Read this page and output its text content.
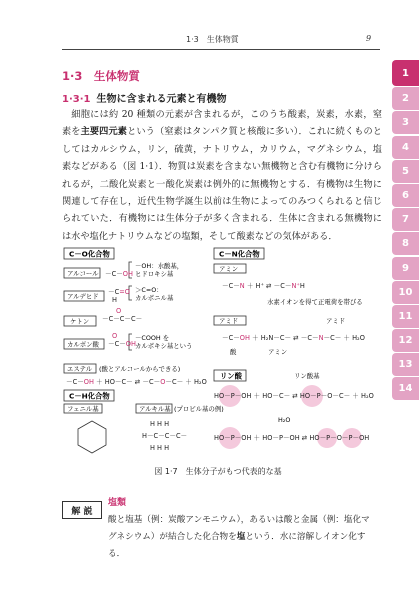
1·3　生体物質	9
1
2
3
4
5
6
7
8
9
10
11
12
13
14
1·3　生体物質
1·3·1 生物に含まれる元素と有機物
細胞には約 20 種類の元素が含まれるが，このうち酸素，炭素，水素，窒素を主要四元素という（窒素はタンパク質と核酸に多い）．これに続くものとしてはカルシウム，リン，硫黄，ナトリウム，カリウム，マグネシウム，塩素などがある（図 1·1）．物質は炭素を含まない無機物と含む有機物に分けられるが，二酸化炭素と一酸化炭素は例外的に無機物とする．有機物は生物に関連して存在し，近代生物学誕生以前は生物によってのみつくられると信じられていた．有機物には生体分子が多く含まれる．生体に含まれる無機物には水や塩化ナトリウムなどの塩類，そして酸素などの気体がある．
C－O化合物	C－N化合物
リン酸
C－H化合物
アルコール
アルデヒド
ケトン
カルボン酸
エステル (酸とアルコールからできる)
－OH：水酸基，
ヒドロキシ基
＞C=O：
カルボニル基
－COOH を
カルボキシ基という
－C－OH
－C=O
H
－C－C－C－
O
－C－OH
O
－C－OH ＋ HO－C－ ⇄ －C－O－C－ ＋ H₂O
アミン
－C－N ＋ H⁺ ⇄ －C－N⁺H
水素イオンを得て正電荷を帯びる
アミド	アミド
－C－OH ＋ H₂N－C－ ⇄ －C－N－C－ ＋ H₂O
酸	アミン
リン酸基
HO－P－OH ＋ HO－C－ ⇄ HO－P－O－C－ ＋ H₂O
HO－P－OH ＋ HO－P－OH ⇄ HO－P－O－P－OH
H₂O
フェニル基	アルキル基 (プロピル基の例)
H－C－C－C－
H H H
H H H
図 1·7　生体分子がもつ代表的な基
解 説
塩類
酸と塩基（例：炭酸アンモニウム），あるいは酸と金属（例：塩化マグネシウム）が結合した化合物を塩という．水に溶解しイオン化する．
